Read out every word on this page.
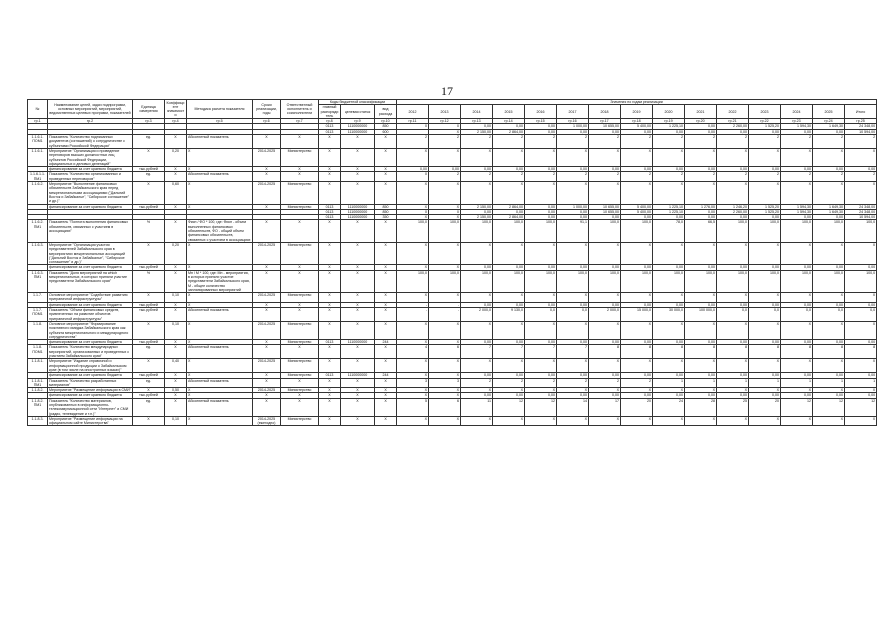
17
№	Наименование целей, задач подпрограмм, основных мероприятий, мероприятий, ведомственных целевых программ, показателей	Единица измерения	Коэффициент значимости	Методика расчета показателя	Сроки реализации, годы	Ответственный исполнитель и соисполнители	Коды бюджетной классификации			Значения по годам реализации														
							главный распорядитель	целевая статья	вид расхода	2012	2013	2014	2015	2016	2017	2018	2019	2020	2021	2022	2023	2024	2025	Итого
гр.1	гр.2	гр.3	гр.4	гр.5	гр.6	гр.7	гр.8	гр.9	гр.10	гр.11	гр.12	гр.13	гр.14	гр.15	гр.16	гр.17	гр.18	гр.19	гр.20	гр.21	гр.22	гр.23	гр.24	гр.25
							0113	1110000000	850	0	0	0,00	0,00	0,00	1 000,00	10 655,00	5 400,00	1 225,10	0,00	2 260,00	1 525,20	1 594,30	1 649,30	24 348,00
							0113	1110000000	600		X	2 150,00	2 864,00	0,00	0,00	0,00	0,00	0,00	0,00	0,00	0,00	0,00	0,00	10 594,00
1.1.6.1. ПОМ1	Показатель "Количество подписанных документов (соглашений) о сотрудничестве с субъектами Российской Федерации"	ед.	X	Абсолютный показатель	X	X	X	X	X	2	2	2	2	2	2	2	2	2	2	2	2	2	2	2
1.1.6.1.	Мероприятие "Организация и проведение переговоров высших должностных лиц субъектов Российской Федерации, официальных и деловых делегаций"	X	0,20	X	2014-2025	Министерство	X	X	X	X	X	X	X	X	X	X	X	X	X	X	X	X	X	X
	финансирование за счет краевого бюджета	тыс.рублей	X	X	X	X	X	X	X	0,00	0,00	0,00	0,00	0,00	0,00	0,00	0,00	0,00	0,00	0,00	0,00	0,00	0,00	0,00
1.1.6.1.1. ПМ1	Показатель "Количество организованных и проведенных переговоров"	ед.	X	Абсолютный показатель	X	X	X	X	X	0	2	2	2	2	2	2	2	2	2	2	2	2	2	2
1.1.6.2.	Мероприятие "Выполнение финансовых обязательств Забайкальского края перед межрегиональными ассоциациями ("Дальний Восток и Забайкалье", "Сибирское соглашение" и др.)"	X	0,60	X	2014-2025	Министерство	X	X	X	X	X	X	X	X	X	X	X	X	X	X	X	X	X	X
	финансирование за счет краевого бюджета	тыс.рублей	X	X	X	Министерство	0113	1110000000	850	X	X	2 150,00	2 864,00	0,00	1 000,00	10 655,00	5 400,00	1 225,10	1 276,00	1 246,20	1 525,20	1 594,30	1 649,30	24 348,00
							0113	1110000000	850	0	0	0,00	0,00	0,00	0,00	10 655,00	5 400,00	1 225,10	0,00	2 260,00	1 525,20	1 594,30	1 649,30	24 348,00
							0113	1110000000	350	X	X	2 150,00	2 864,00	0,00	0,00	0,00	0,00	0,00	0,00	0,00	0,00	0,00	0,00	10 594,00
1.1.6.2. ПМ1	Показатель "Полнота выполнения финансовых обязательств, связанных с участием в ассоциациях"	%	X	Фисп / ФО * 100, где: Фисп - объем выполненных финансовых обязательств, ФО - общий объем финансовых обязательств, связанных с участием в ассоциациях	X	X	X	X	X	100,0	100,0	100,0	100,0	100,0	91,1	100,0	100,0	78,0	66,5	100,0	100,0	100,0	100,0	100,0
1.1.6.3.	Мероприятие "Организация участия представителей Забайкальского края в мероприятиях межрегиональных ассоциаций ("Дальний Восток и Забайкалье", "Сибирское соглашение" и др.)"	X	0,20	X	2014-2025	Министерство	X	X	X	X	X	X	X	X	X	X	X	X	X	X	X	X	X	X
	финансирование за счет краевого бюджета	тыс.рублей	X	X	X	X	X	X	X	X	X	0,00	0,00	0,00	0,00	0,00	0,00	0,00	0,00	0,00	0,00	0,00	0,00	0,00
1.1.6.3. ПМ1	Показатель "Доля мероприятий на which межрегиональных, в которых приняли участие представители Забайкальского края"	%	X	Мп / М * 100, где: Мп - мероприятия, в которых приняли участие представители Забайкальского края, М - общее количество запланированных мероприятий	X	X	X	X	X	100,0	100,0	100,0	100,0	100,0	100,0	100,0	100,0	100,0	100,0	100,0	100,0	100,0	100,0	100,0
1.1.7.	Основное мероприятие "Содействие развитию приграничной инфраструктуры"	X	0,10	X	2014-2025	Министерство	X	X	X	X	X	X	X	X	X	X	X	X	X	X	X	X	X	X
	финансирование за счет краевого бюджета	тыс.рублей	X	X	X	X	X	X	X	-	-	0,00	0,00	0,00	0,00	0,00	0,00	0,00	0,00	0,00	0,00	0,00	0,00	0,00
1.1.7. ПОМ1	Показатель "Объем финансовых средств, привлеченных на развитие объектов приграничной инфраструктуры"	тыс.рублей	X	Абсолютный показатель	X	X	X	X	X	-	-	2 000,0	9 130,0	0,0	0,0	2 000,0	15 000,0	30 000,0	100 000,0	0,0	0,0	0,0	0,0	0,0
1.1.8.	Основное мероприятие "Формирование позитивного имиджа Забайкальского края как субъекта межрегионального и международного сотрудничества"	X	0,10	X	2014-2025	Министерство	X	X	X	X	X	X	X	X	X	X	X	X	X	X	X	X	X	X
	финансирование за счет краевого бюджета	тыс.рублей	X	X	X	Министерство	0113	1110000000	244	X	X	0,00	0,00	0,00	0,00	0,00	0,00	0,00	0,00	0,00	0,00	0,00	0,00	0,00
1.1.8. ПОМ1	Показатель "Количество международных мероприятий, организованных и проведенных с участием Забайкальского края"	ед.	X	Абсолютный показатель	X	X	X	X	X	4	6	7	7	7	7	8	8	8	8	8	8	8	8	8
1.1.8.1.	Мероприятие "Издание справочной и информационной продукции о Забайкальском крае (в том числе на иностранных языках)"	X	0,40	X	2014-2025	Министерство	X	X	X	X	X	X	X	X	X	X	X	X	X	X	X	X	X	X
	финансирование за счет краевого бюджета	тыс.рублей	X	X	X	Министерство	0113	1110000000	244	X	X	0,00	0,00	0,00	0,00	0,00	0,00	0,00	0,00	0,00	0,00	0,00	0,00	0,00
1.1.8.1. ПМ1	Показатель "Количество разработанных материалов"	ед.	X	Абсолютный показатель	X	X	X	X	X	3	3	2	2	2	2	2	2	1	1	1	1	1	1	1
1.1.8.2.	Мероприятие "Размещение информации в СМИ"	X	0,50	X	2014-2025	Министерство	X	X	X	X	X	X	X	X	X	X	X	X	X	X	X	X	X	X
	финансирование за счет краевого бюджета	тыс.рублей	X	X	X	X	X	X	X	X	X	0,00	0,00	0,00	0,00	0,00	0,00	0,00	0,00	0,00	0,00	0,00	0,00	0,00
1.1.8.2. ПМ1	Показатель "Количество материалов, опубликованных в информационно-телекоммуникационной сети "Интернет" и СМИ (радио, телевидение и т.п.)"	ед.	X	Абсолютный показатель	X	X	X	X	X	5	6	11	12	12	14	17	20	24	28	25	20	12	12	12
1.1.8.3.	Мероприятие "Размещение информации на официальном сайте Министерства"	X	0,10	X	2014-2025 (ежегодно)	Министерство	X	X	X	X	X	X	X	X	X	X	X	X	X	X	X	X	X	X
